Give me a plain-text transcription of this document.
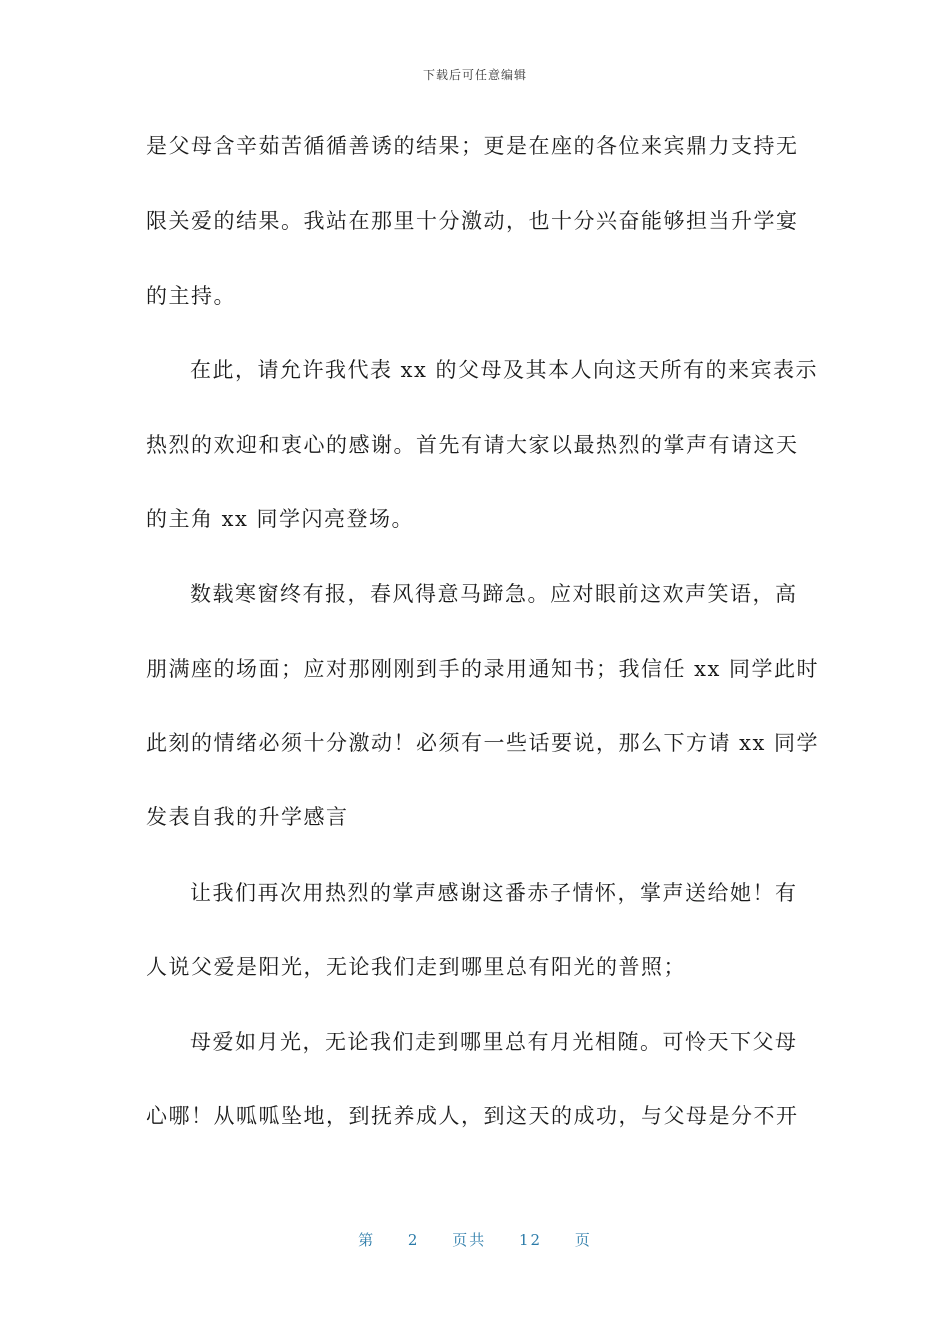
下载后可任意编辑
是父母含辛茹苦循循善诱的结果；更是在座的各位来宾鼎力支持无
限关爱的结果。我站在那里十分激动，也十分兴奋能够担当升学宴
的主持。
在此，请允许我代表 xx 的父母及其本人向这天所有的来宾表示
热烈的欢迎和衷心的感谢。首先有请大家以最热烈的掌声有请这天
的主角 xx 同学闪亮登场。
数载寒窗终有报，春风得意马蹄急。应对眼前这欢声笑语，高
朋满座的场面；应对那刚刚到手的录用通知书；我信任 xx 同学此时
此刻的情绪必须十分激动！必须有一些话要说，那么下方请 xx 同学
发表自我的升学感言
让我们再次用热烈的掌声感谢这番赤子情怀，掌声送给她！有
人说父爱是阳光，无论我们走到哪里总有阳光的普照；
母爱如月光，无论我们走到哪里总有月光相随。可怜天下父母
心哪！从呱呱坠地，到抚养成人，到这天的成功，与父母是分不开
第 2 页共 12 页
